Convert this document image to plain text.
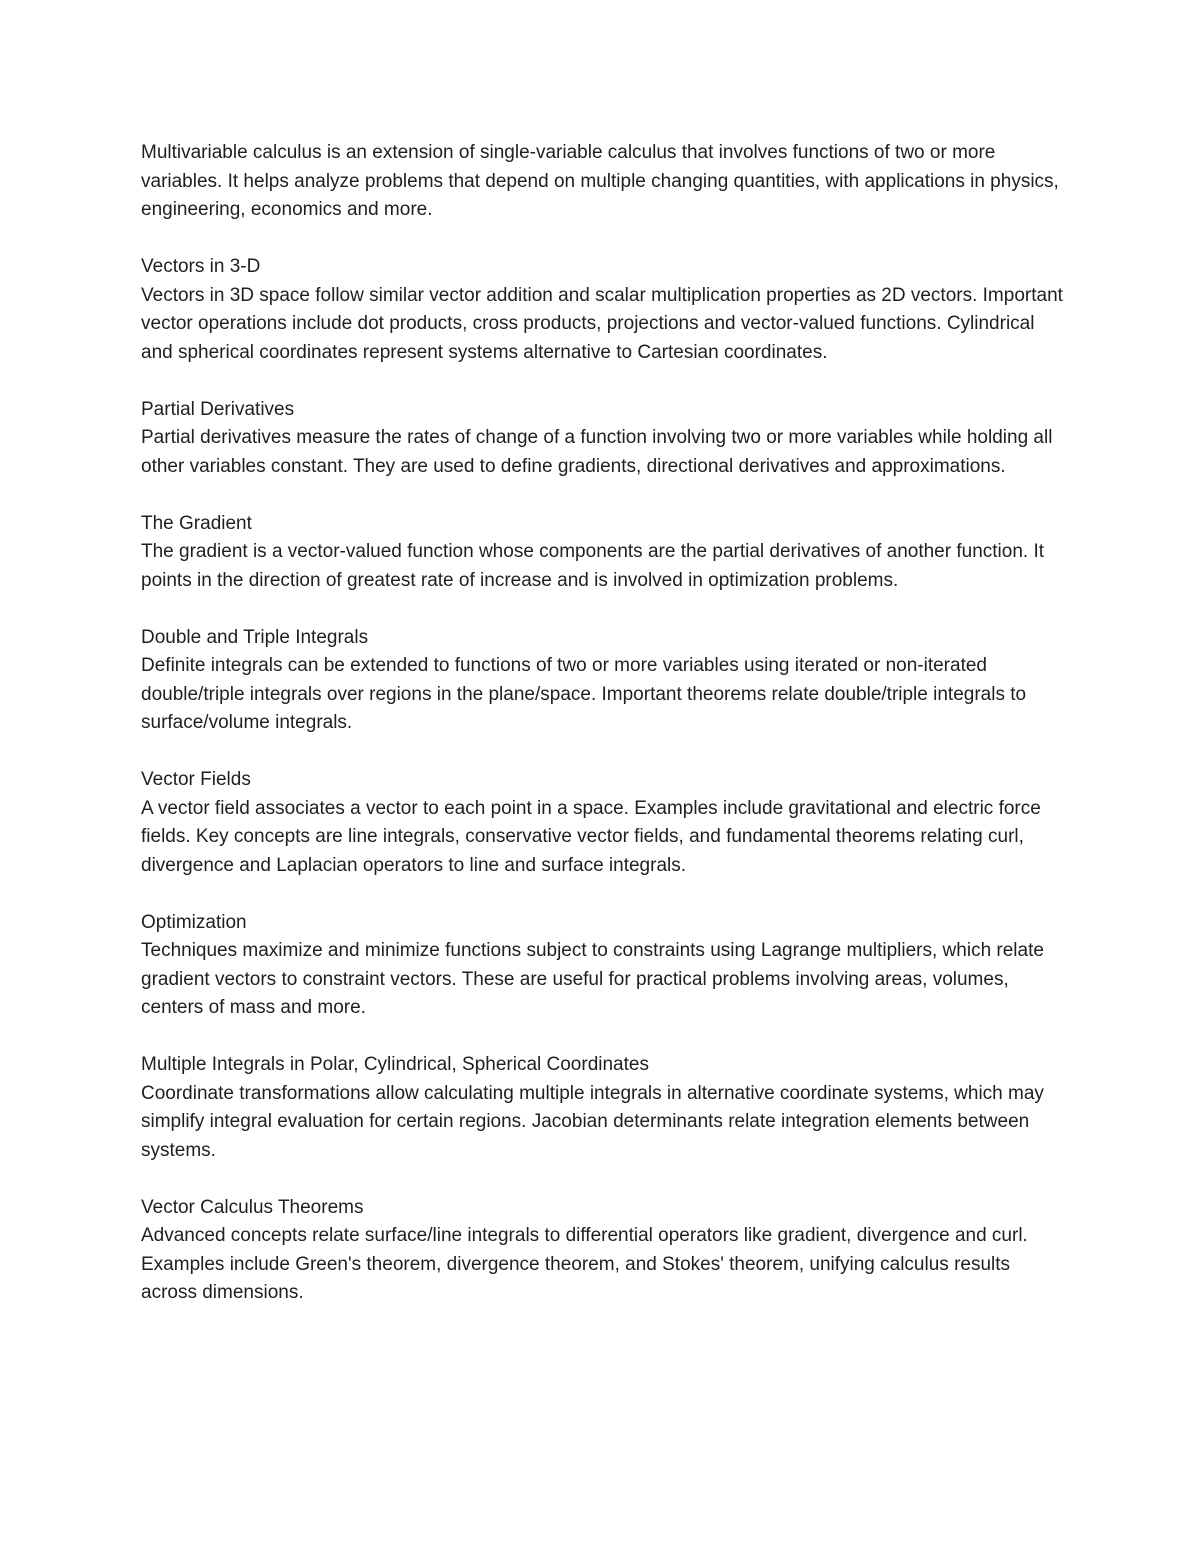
Multivariable calculus is an extension of single-variable calculus that involves functions of two or more variables. It helps analyze problems that depend on multiple changing quantities, with applications in physics, engineering, economics and more.

Vectors in 3-D

Vectors in 3D space follow similar vector addition and scalar multiplication properties as 2D vectors. Important vector operations include dot products, cross products, projections and vector-valued functions. Cylindrical and spherical coordinates represent systems alternative to Cartesian coordinates.

Partial Derivatives

Partial derivatives measure the rates of change of a function involving two or more variables while holding all other variables constant. They are used to define gradients, directional derivatives and approximations.

The Gradient

The gradient is a vector-valued function whose components are the partial derivatives of another function. It points in the direction of greatest rate of increase and is involved in optimization problems.

Double and Triple Integrals

Definite integrals can be extended to functions of two or more variables using iterated or non-iterated double/triple integrals over regions in the plane/space. Important theorems relate double/triple integrals to surface/volume integrals.

Vector Fields

A vector field associates a vector to each point in a space. Examples include gravitational and electric force fields. Key concepts are line integrals, conservative vector fields, and fundamental theorems relating curl, divergence and Laplacian operators to line and surface integrals.

Optimization

Techniques maximize and minimize functions subject to constraints using Lagrange multipliers, which relate gradient vectors to constraint vectors. These are useful for practical problems involving areas, volumes, centers of mass and more.

Multiple Integrals in Polar, Cylindrical, Spherical Coordinates

Coordinate transformations allow calculating multiple integrals in alternative coordinate systems, which may simplify integral evaluation for certain regions. Jacobian determinants relate integration elements between systems.

Vector Calculus Theorems

Advanced concepts relate surface/line integrals to differential operators like gradient, divergence and curl. Examples include Green's theorem, divergence theorem, and Stokes' theorem, unifying calculus results across dimensions.
